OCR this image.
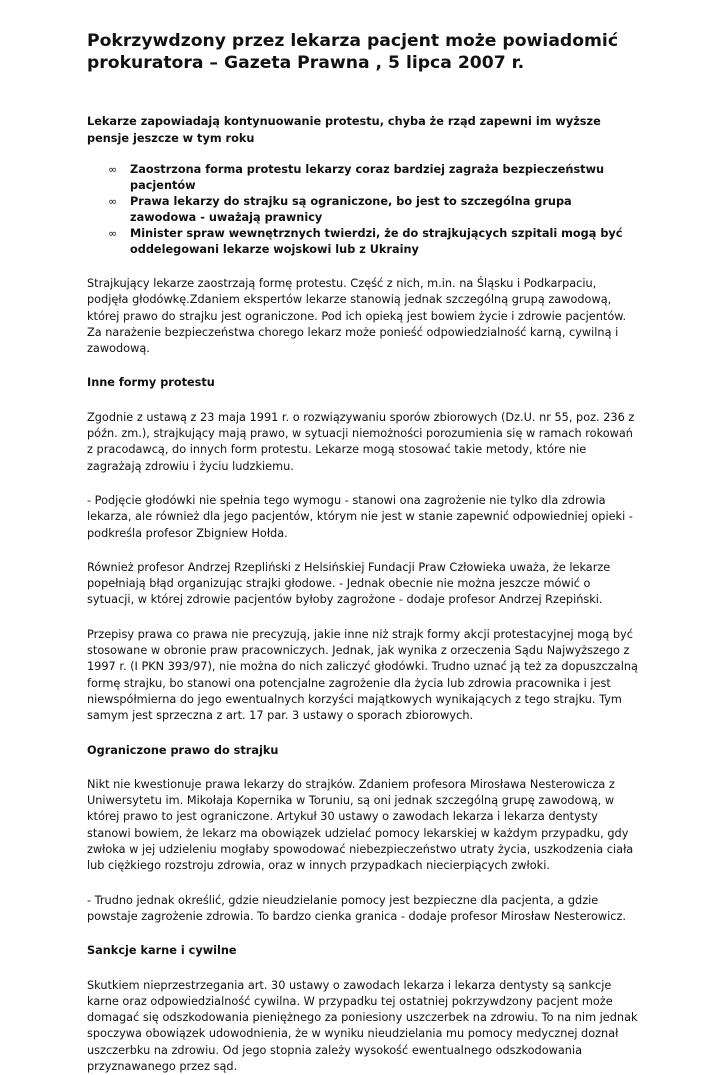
Pokrzywdzony przez lekarza pacjent może powiadomić prokuratora – Gazeta Prawna , 5 lipca 2007 r.

Lekarze zapowiadają kontynuowanie protestu, chyba że rząd zapewni im wyższe pensje jeszcze w tym roku

∞ Zaostrzona forma protestu lekarzy coraz bardziej zagraża bezpieczeństwu pacjentów
∞ Prawa lekarzy do strajku są ograniczone, bo jest to szczególna grupa zawodowa - uważają prawnicy
∞ Minister spraw wewnętrznych twierdzi, że do strajkujących szpitali mogą być oddelegowani lekarze wojskowi lub z Ukrainy

Strajkujący lekarze zaostrzają formę protestu. Część z nich, m.in. na Śląsku i Podkarpaciu, podjęła głodówkę.Zdaniem ekspertów lekarze stanowią jednak szczególną grupą zawodową, której prawo do strajku jest ograniczone. Pod ich opieką jest bowiem życie i zdrowie pacjentów. Za narażenie bezpieczeństwa chorego lekarz może ponieść odpowiedzialność karną, cywilną i zawodową.

Inne formy protestu

Zgodnie z ustawą z 23 maja 1991 r. o rozwiązywaniu sporów zbiorowych (Dz.U. nr 55, poz. 236 z późn. zm.), strajkujący mają prawo, w sytuacji niemożności porozumienia się w ramach rokowań z pracodawcą, do innych form protestu. Lekarze mogą stosować takie metody, które nie zagrażają zdrowiu i życiu ludzkiemu.

- Podjęcie głodówki nie spełnia tego wymogu - stanowi ona zagrożenie nie tylko dla zdrowia lekarza, ale również dla jego pacjentów, którym nie jest w stanie zapewnić odpowiedniej opieki - podkreśla profesor Zbigniew Hołda.

Również profesor Andrzej Rzepliński z Helsińskiej Fundacji Praw Człowieka uważa, że lekarze popełniają błąd organizując strajki głodowe. - Jednak obecnie nie można jeszcze mówić o sytuacji, w której zdrowie pacjentów byłoby zagrożone - dodaje profesor Andrzej Rzepiński.

Przepisy prawa co prawa nie precyzują, jakie inne niż strajk formy akcji protestacyjnej mogą być stosowane w obronie praw pracowniczych. Jednak, jak wynika z orzeczenia Sądu Najwyższego z 1997 r. (I PKN 393/97), nie można do nich zaliczyć głodówki. Trudno uznać ją też za dopuszczalną formę strajku, bo stanowi ona potencjalne zagrożenie dla życia lub zdrowia pracownika i jest niewspółmierna do jego ewentualnych korzyści majątkowych wynikających z tego strajku. Tym samym jest sprzeczna z art. 17 par. 3 ustawy o sporach zbiorowych.

Ograniczone prawo do strajku

Nikt nie kwestionuje prawa lekarzy do strajków. Zdaniem profesora Mirosława Nesterowicza z Uniwersytetu im. Mikołaja Kopernika w Toruniu, są oni jednak szczególną grupę zawodową, w której prawo to jest ograniczone. Artykuł 30 ustawy o zawodach lekarza i lekarza dentysty stanowi bowiem, że lekarz ma obowiązek udzielać pomocy lekarskiej w każdym przypadku, gdy zwłoka w jej udzieleniu mogłaby spowodować niebezpieczeństwo utraty życia, uszkodzenia ciała lub ciężkiego rozstroju zdrowia, oraz w innych przypadkach niecierpiących zwłoki.

- Trudno jednak określić, gdzie nieudzielanie pomocy jest bezpieczne dla pacjenta, a gdzie powstaje zagrożenie zdrowia. To bardzo cienka granica - dodaje profesor Mirosław Nesterowicz.

Sankcje karne i cywilne

Skutkiem nieprzestrzegania art. 30 ustawy o zawodach lekarza i lekarza dentysty są sankcje karne oraz odpowiedzialność cywilna. W przypadku tej ostatniej pokrzywdzony pacjent może domagać się odszkodowania pieniężnego za poniesiony uszczerbek na zdrowiu. To na nim jednak spoczywa obowiązek udowodnienia, że w wyniku nieudzielania mu pomocy medycznej doznał uszczerbku na zdrowiu. Od jego stopnia zależy wysokość ewentualnego odszkodowania przyznawanego przez sąd.
